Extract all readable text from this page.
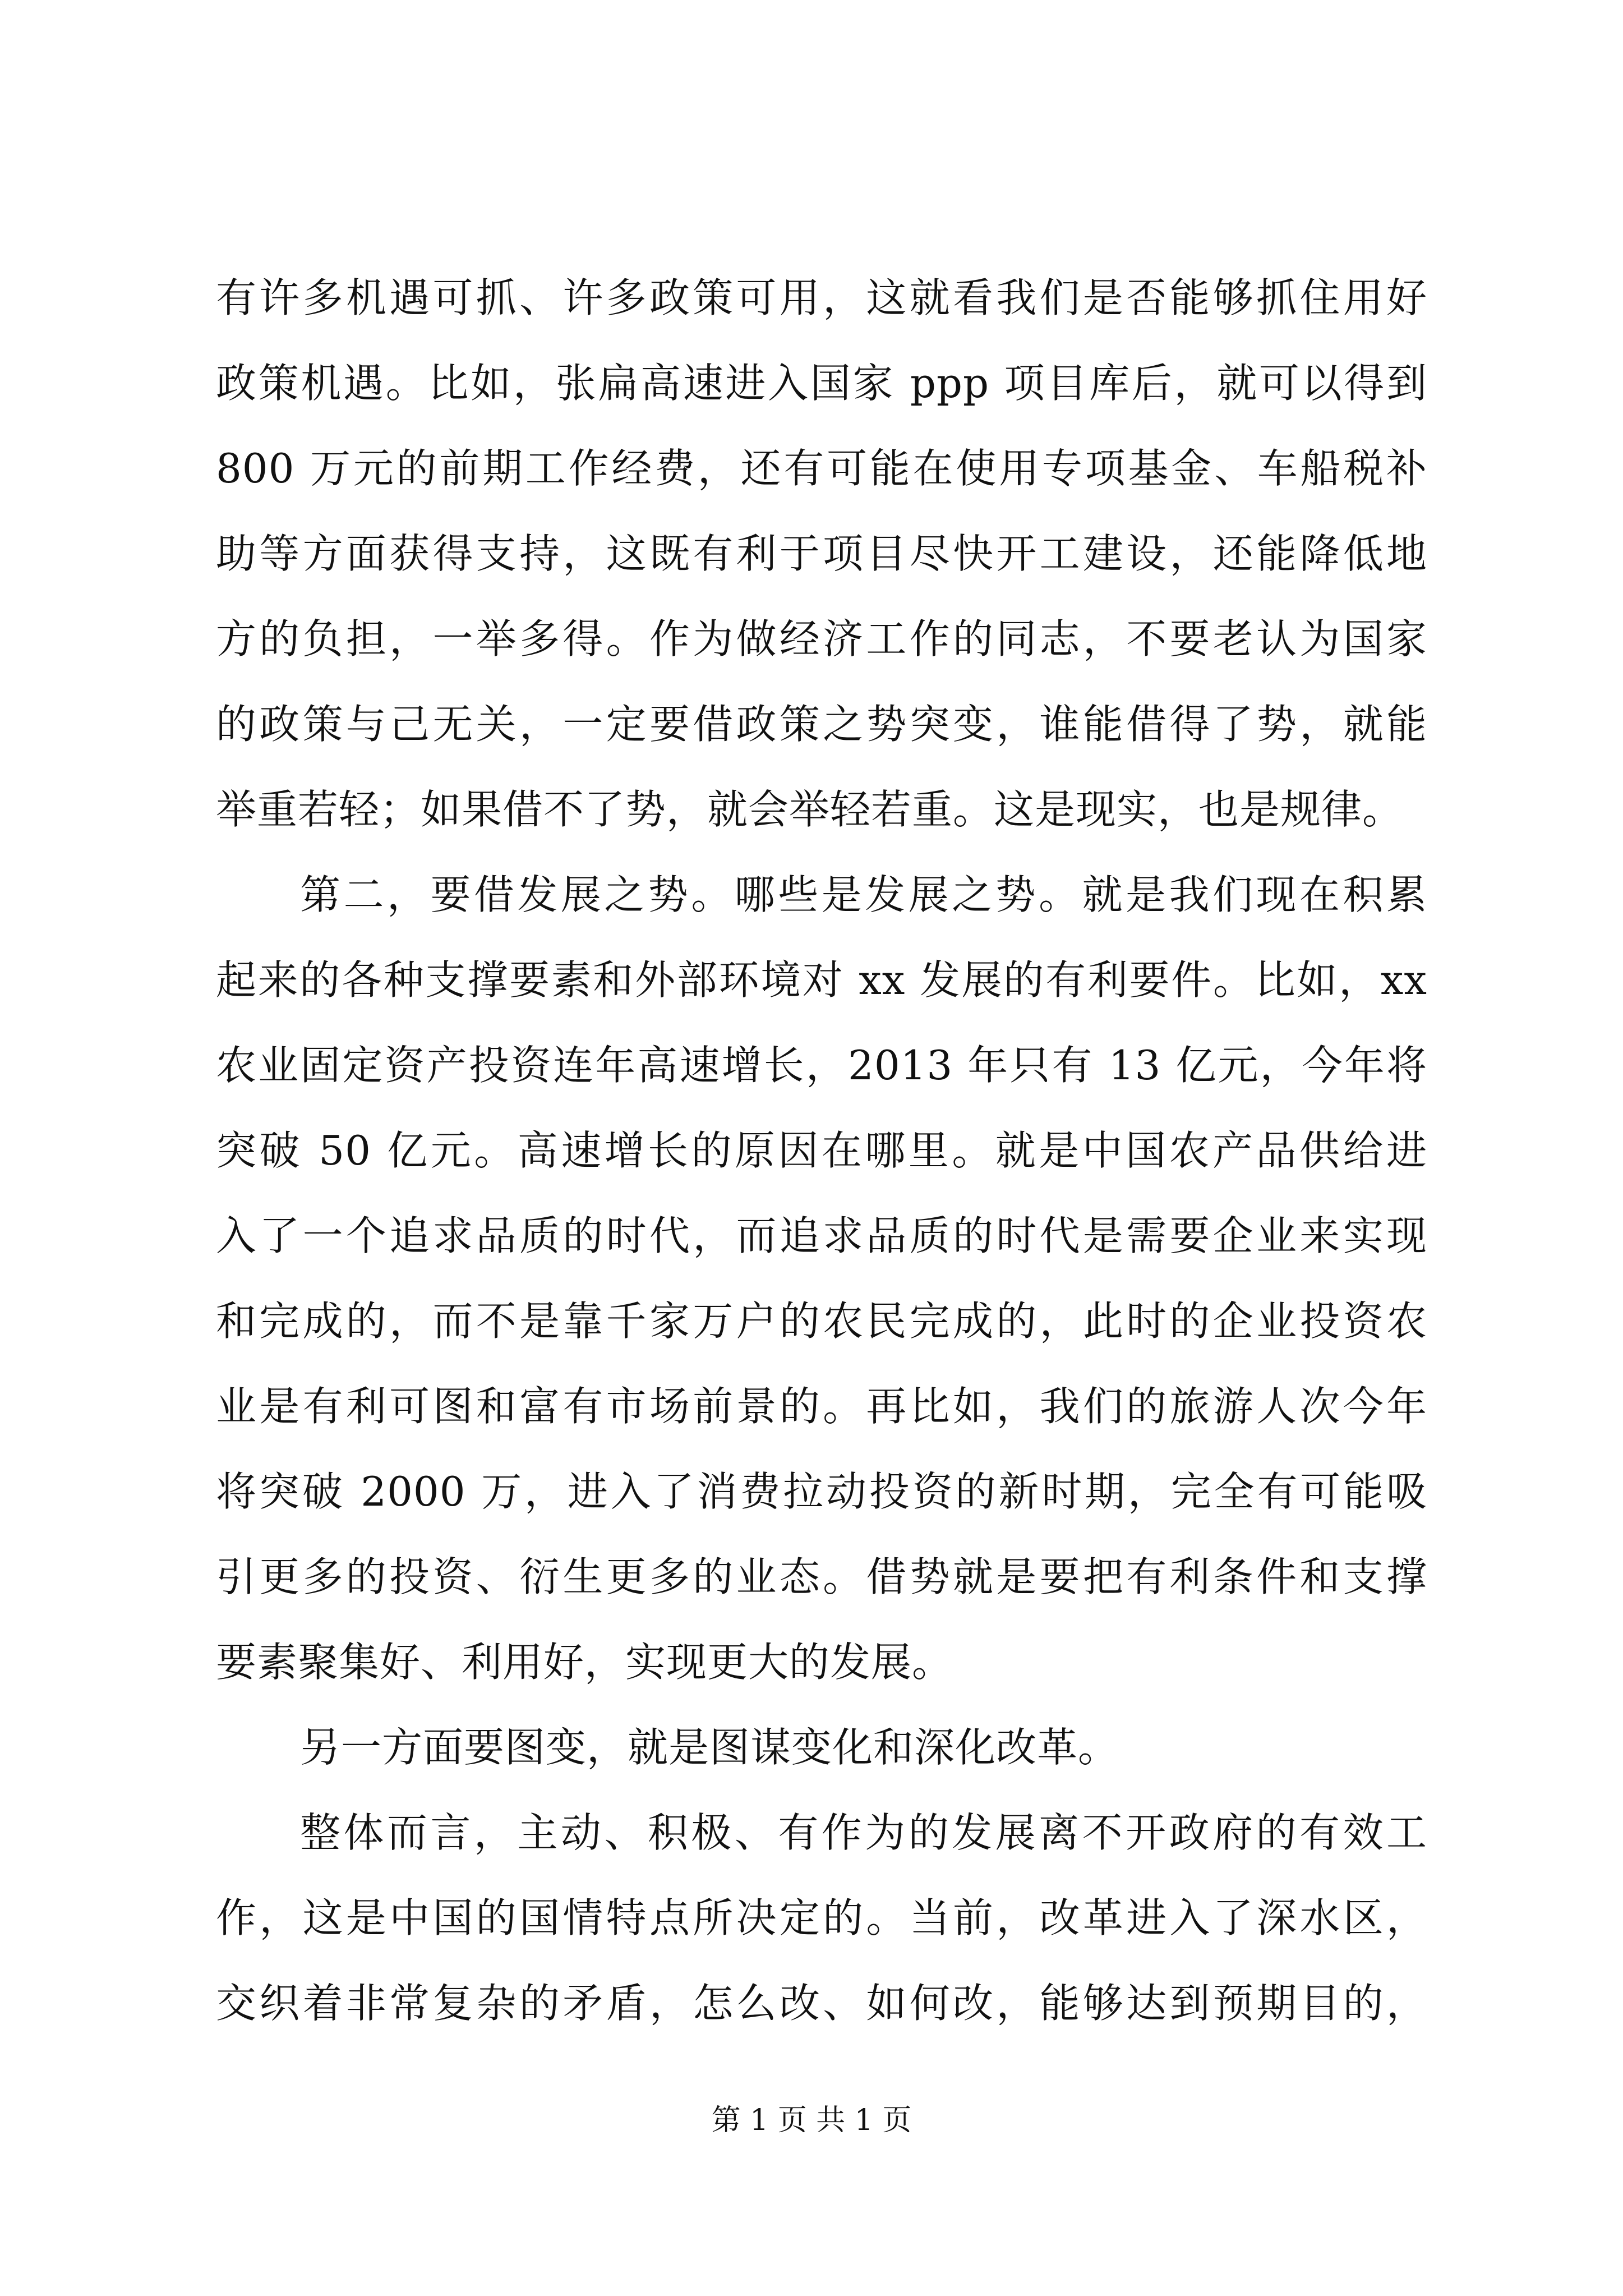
有许多机遇可抓、许多政策可用，这就看我们是否能够抓住用好
政策机遇。比如，张扁高速进入国家 ppp 项目库后，就可以得到
800 万元的前期工作经费，还有可能在使用专项基金、车船税补
助等方面获得支持，这既有利于项目尽快开工建设，还能降低地
方的负担，一举多得。作为做经济工作的同志，不要老认为国家
的政策与己无关，一定要借政策之势突变，谁能借得了势，就能
举重若轻；如果借不了势，就会举轻若重。这是现实，也是规律。
第二，要借发展之势。哪些是发展之势。就是我们现在积累
起来的各种支撑要素和外部环境对 xx 发展的有利要件。比如，xx
农业固定资产投资连年高速增长，2013 年只有 13 亿元，今年将
突破 50 亿元。高速增长的原因在哪里。就是中国农产品供给进
入了一个追求品质的时代，而追求品质的时代是需要企业来实现
和完成的，而不是靠千家万户的农民完成的，此时的企业投资农
业是有利可图和富有市场前景的。再比如，我们的旅游人次今年
将突破 2000 万，进入了消费拉动投资的新时期，完全有可能吸
引更多的投资、衍生更多的业态。借势就是要把有利条件和支撑
要素聚集好、利用好，实现更大的发展。
另一方面要图变，就是图谋变化和深化改革。
整体而言，主动、积极、有作为的发展离不开政府的有效工
作，这是中国的国情特点所决定的。当前，改革进入了深水区，
交织着非常复杂的矛盾，怎么改、如何改，能够达到预期目的，
第 1 页 共 1 页
